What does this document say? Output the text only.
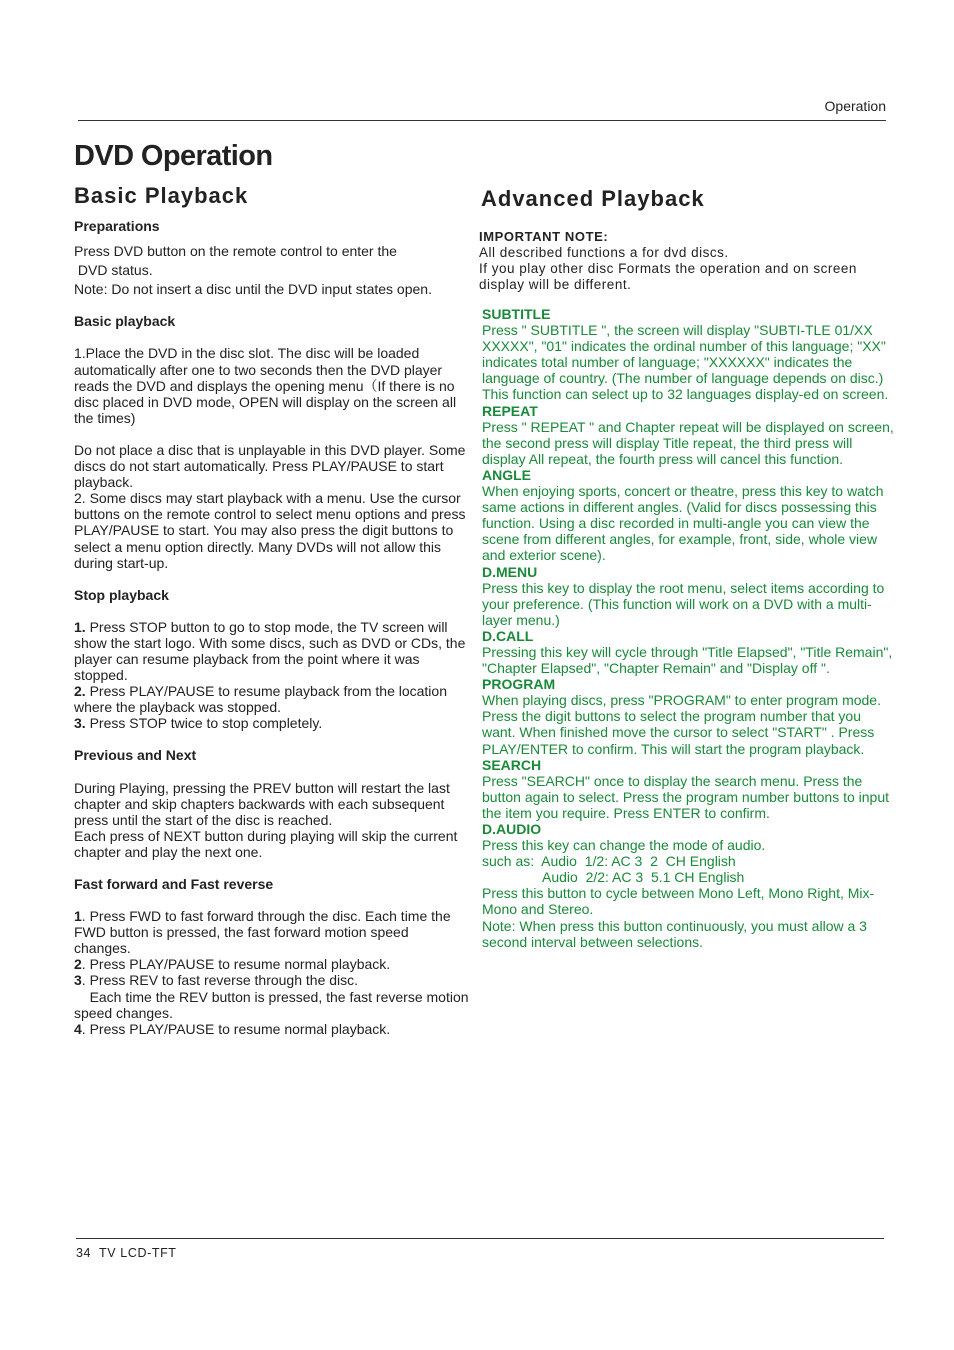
Operation
DVD Operation
Basic Playback	Advanced Playback

Preparations

Press DVD button on the remote control to enter the

DVD status.

Note: Do not insert a disc until the DVD input states open.

Basic playback

1.Place the DVD in the disc slot. The disc will be loaded automatically after one to two seconds then the DVD player reads the DVD and displays the opening menu（If there is no disc placed in DVD mode, OPEN will display on the screen all the times)

Do not place a disc that is unplayable in this DVD player. Some discs do not start automatically. Press PLAY/PAUSE to start playback.

2. Some discs may start playback with a menu. Use the cursor buttons on the remote control to select menu options and press PLAY/PAUSE to start. You may also press the digit buttons to select a menu option directly. Many DVDs will not allow this during start-up.

Stop playback

1. Press STOP button to go to stop mode, the TV screen will show the start logo. With some discs, such as DVD or CDs, the player can resume playback from the point where it was stopped.

2. Press PLAY/PAUSE to resume playback from the location where the playback was stopped.

3. Press STOP twice to stop completely.

Previous and Next

During Playing, pressing the PREV button will restart the last chapter and skip chapters backwards with each subsequent press until the start of the disc is reached.

Each press of NEXT button during playing will skip the current chapter and play the next one.

Fast forward and Fast reverse

1. Press FWD to fast forward through the disc. Each time the FWD button is pressed, the fast forward motion speed changes.

2. Press PLAY/PAUSE to resume normal playback.

3. Press REV to fast reverse through the disc.

Each time the REV button is pressed, the fast reverse motion speed changes.

4. Press PLAY/PAUSE to resume normal playback.

IMPORTANT NOTE:

All described functions a for dvd discs.

If you play other disc Formats the operation and on screen display will be different.

SUBTITLE

Press " SUBTITLE ", the screen will display "SUBTI-TLE 01/XX XXXXX", "01" indicates the ordinal number of this language; "XX" indicates total number of language; "XXXXXX" indicates the language of country. (The number of language depends on disc.)

This function can select up to 32 languages display-ed on screen.

REPEAT

Press " REPEAT " and Chapter repeat will be displayed on screen, the second press will display Title repeat, the third press will display All repeat, the fourth press will cancel this function.

ANGLE

When enjoying sports, concert or theatre, press this key to watch same actions in different angles. (Valid for discs possessing this function. Using a disc recorded in multi-angle you can view the scene from different angles, for example, front, side, whole view and exterior scene).

D.MENU

Press this key to display the root menu, select items according to your preference. (This function will work on a DVD with a multi-layer menu.)

D.CALL

Pressing this key will cycle through "Title Elapsed", "Title Remain", "Chapter Elapsed", "Chapter Remain" and "Display off ".

PROGRAM

When playing discs, press "PROGRAM" to enter program mode. Press the digit buttons to select the program number that you want. When finished move the cursor to select "START" . Press PLAY/ENTER to confirm. This will start the program playback.

SEARCH

Press "SEARCH" once to display the search menu. Press the button again to select. Press the program number buttons to input the item you require. Press ENTER to confirm.

D.AUDIO

Press this key can change the mode of audio.

such as:  Audio  1/2: AC 3  2  CH English

Audio  2/2: AC 3  5.1 CH English

Press this button to cycle between Mono Left, Mono Right, Mix-Mono and Stereo.

Note: When press this button continuously, you must allow a 3 second interval between selections.

34  TV LCD-TFT
